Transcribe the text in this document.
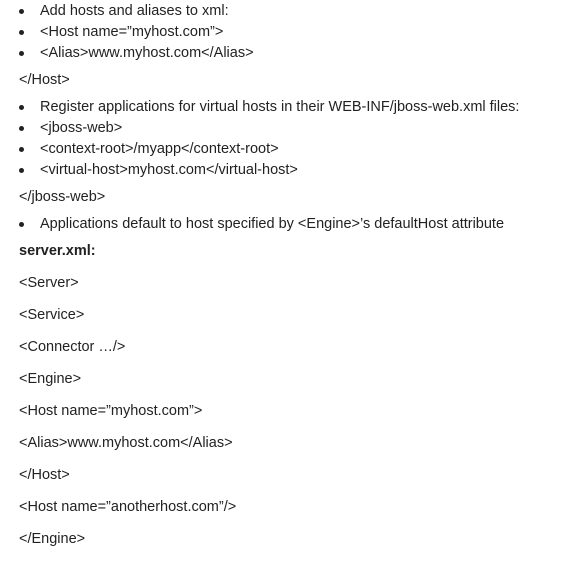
Add hosts and aliases to xml:
<Host name=”myhost.com”>
<Alias>www.myhost.com</Alias>

</Host>

Register applications for virtual hosts in their WEB-INF/jboss-web.xml files:
<jboss-web>
<context-root>/myapp</context-root>
<virtual-host>myhost.com</virtual-host>

</jboss-web>

Applications default to host specified by <Engine>’s defaultHost attribute

server.xml:

<Server>

<Service>

<Connector …/>

<Engine>

<Host name=”myhost.com”>

<Alias>www.myhost.com</Alias>

</Host>

<Host name=”anotherhost.com”/>

</Engine>
